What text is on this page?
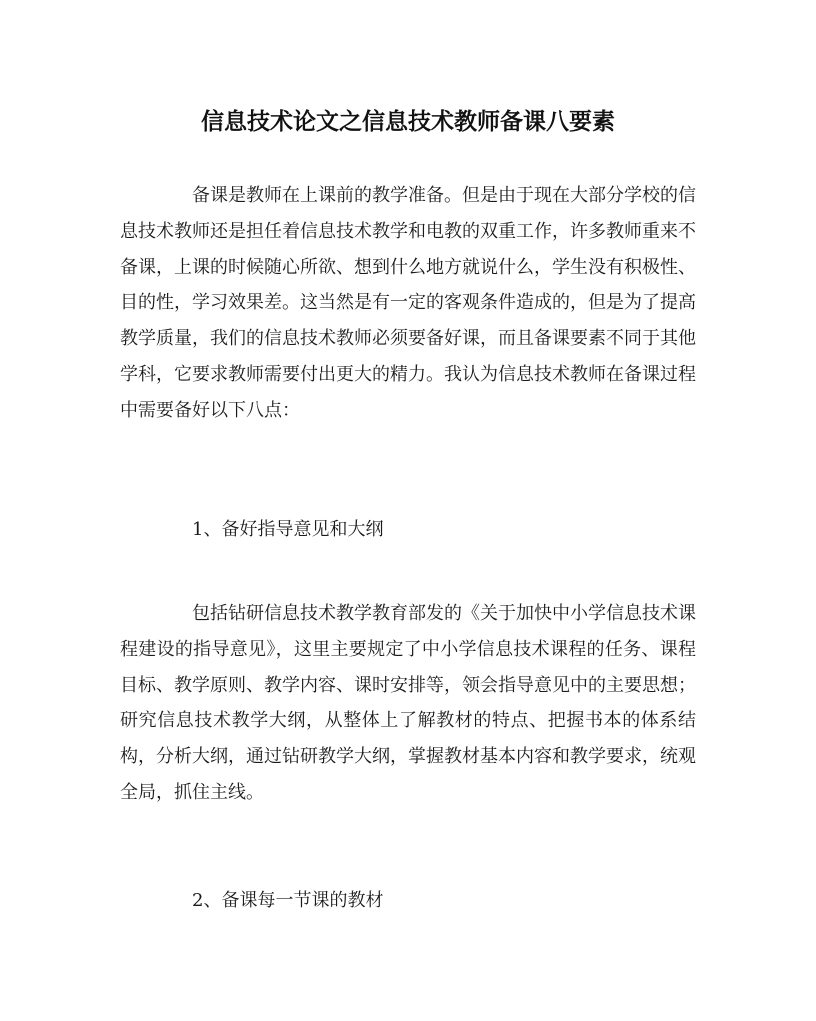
信息技术论文之信息技术教师备课八要素

备课是教师在上课前的教学准备。但是由于现在大部分学校的信息技术教师还是担任着信息技术教学和电教的双重工作，许多教师重来不备课，上课的时候随心所欲、想到什么地方就说什么，学生没有积极性、目的性，学习效果差。这当然是有一定的客观条件造成的，但是为了提高教学质量，我们的信息技术教师必须要备好课，而且备课要素不同于其他学科，它要求教师需要付出更大的精力。我认为信息技术教师在备课过程中需要备好以下八点：

1、备好指导意见和大纲

包括钻研信息技术教学教育部发的《关于加快中小学信息技术课程建设的指导意见》，这里主要规定了中小学信息技术课程的任务、课程目标、教学原则、教学内容、课时安排等，领会指导意见中的主要思想；研究信息技术教学大纲，从整体上了解教材的特点、把握书本的体系结构，分析大纲，通过钻研教学大纲，掌握教材基本内容和教学要求，统观全局，抓住主线。

2、备课每一节课的教材
